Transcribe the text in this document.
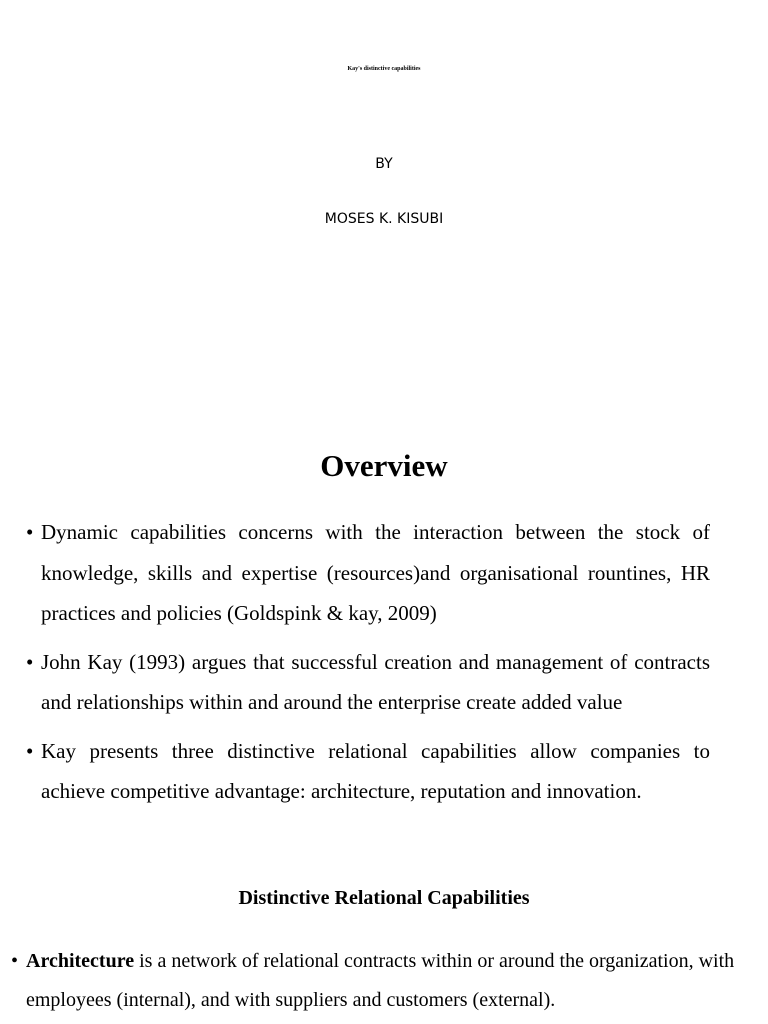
Kay's distinctive capabilities
BY
MOSES K. KISUBI
Overview
• Dynamic capabilities concerns with the interaction between the stock of knowledge, skills and expertise (resources)and organisational rountines, HR practices and policies (Goldspink & kay, 2009)
• John Kay (1993) argues that successful creation and management of contracts and relationships within and around the enterprise create added value
• Kay presents three distinctive relational capabilities allow companies to achieve competitive advantage: architecture, reputation and innovation.
Distinctive Relational Capabilities

• Architecture is a network of relational contracts within or around the organization, with employees (internal), and with suppliers and customers (external).
